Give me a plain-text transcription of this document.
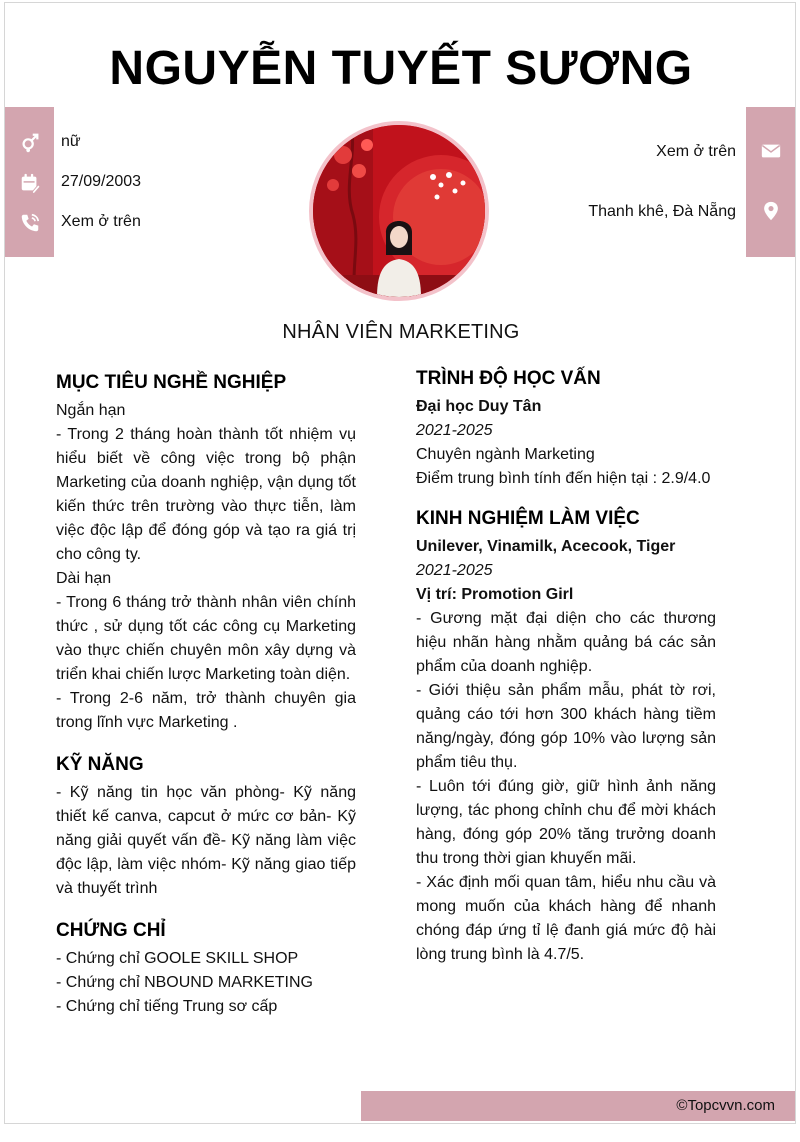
NGUYỄN TUYẾT SƯƠNG
nữ
27/09/2003
Xem ở trên
Xem ở trên
Thanh khê, Đà Nẵng
NHÂN VIÊN MARKETING
MỤC TIÊU NGHỀ NGHIỆP
Ngắn hạn
- Trong 2 tháng hoàn thành tốt nhiệm vụ hiểu biết về công việc trong bộ phận Marketing của doanh nghiệp, vận dụng tốt kiến thức trên trường vào thực tiễn, làm việc độc lập để đóng góp và tạo ra giá trị cho công ty.
Dài hạn
- Trong 6 tháng trở thành nhân viên chính thức , sử dụng tốt các công cụ Marketing vào thực chiến chuyên môn xây dựng và triển khai chiến lược Marketing toàn diện.
- Trong 2-6 năm, trở thành chuyên gia trong lĩnh vực Marketing .
KỸ NĂNG
- Kỹ năng tin học văn phòng- Kỹ năng thiết kế canva, capcut ở mức cơ bản- Kỹ năng giải quyết vấn đề- Kỹ năng làm việc độc lập, làm việc nhóm- Kỹ năng giao tiếp và thuyết trình
CHỨNG CHỈ
- Chứng chỉ GOOLE SKILL SHOP
- Chứng chỉ NBOUND MARKETING
- Chứng chỉ tiếng Trung sơ cấp
TRÌNH ĐỘ HỌC VẤN
Đại học Duy Tân
2021-2025
Chuyên ngành Marketing
Điểm trung bình tính đến hiện tại : 2.9/4.0
KINH NGHIỆM LÀM VIỆC
Unilever, Vinamilk, Acecook, Tiger
2021-2025
Vị trí: Promotion Girl
- Gương mặt đại diện cho các thương hiệu nhãn hàng nhằm quảng bá các sản phẩm của doanh nghiệp.
- Giới thiệu sản phẩm mẫu, phát tờ rơi, quảng cáo tới hơn 300 khách hàng tiềm năng/ngày, đóng góp 10% vào lượng sản phẩm tiêu thụ.
- Luôn tới đúng giờ, giữ hình ảnh năng lượng, tác phong chỉnh chu để mời khách hàng, đóng góp 20% tăng trưởng doanh thu trong thời gian khuyến mãi.
- Xác định mối quan tâm, hiểu nhu cầu và mong muốn của khách hàng để nhanh chóng đáp ứng tỉ lệ đanh giá mức độ hài lòng trung bình là 4.7/5.
©Topcvvn.com
